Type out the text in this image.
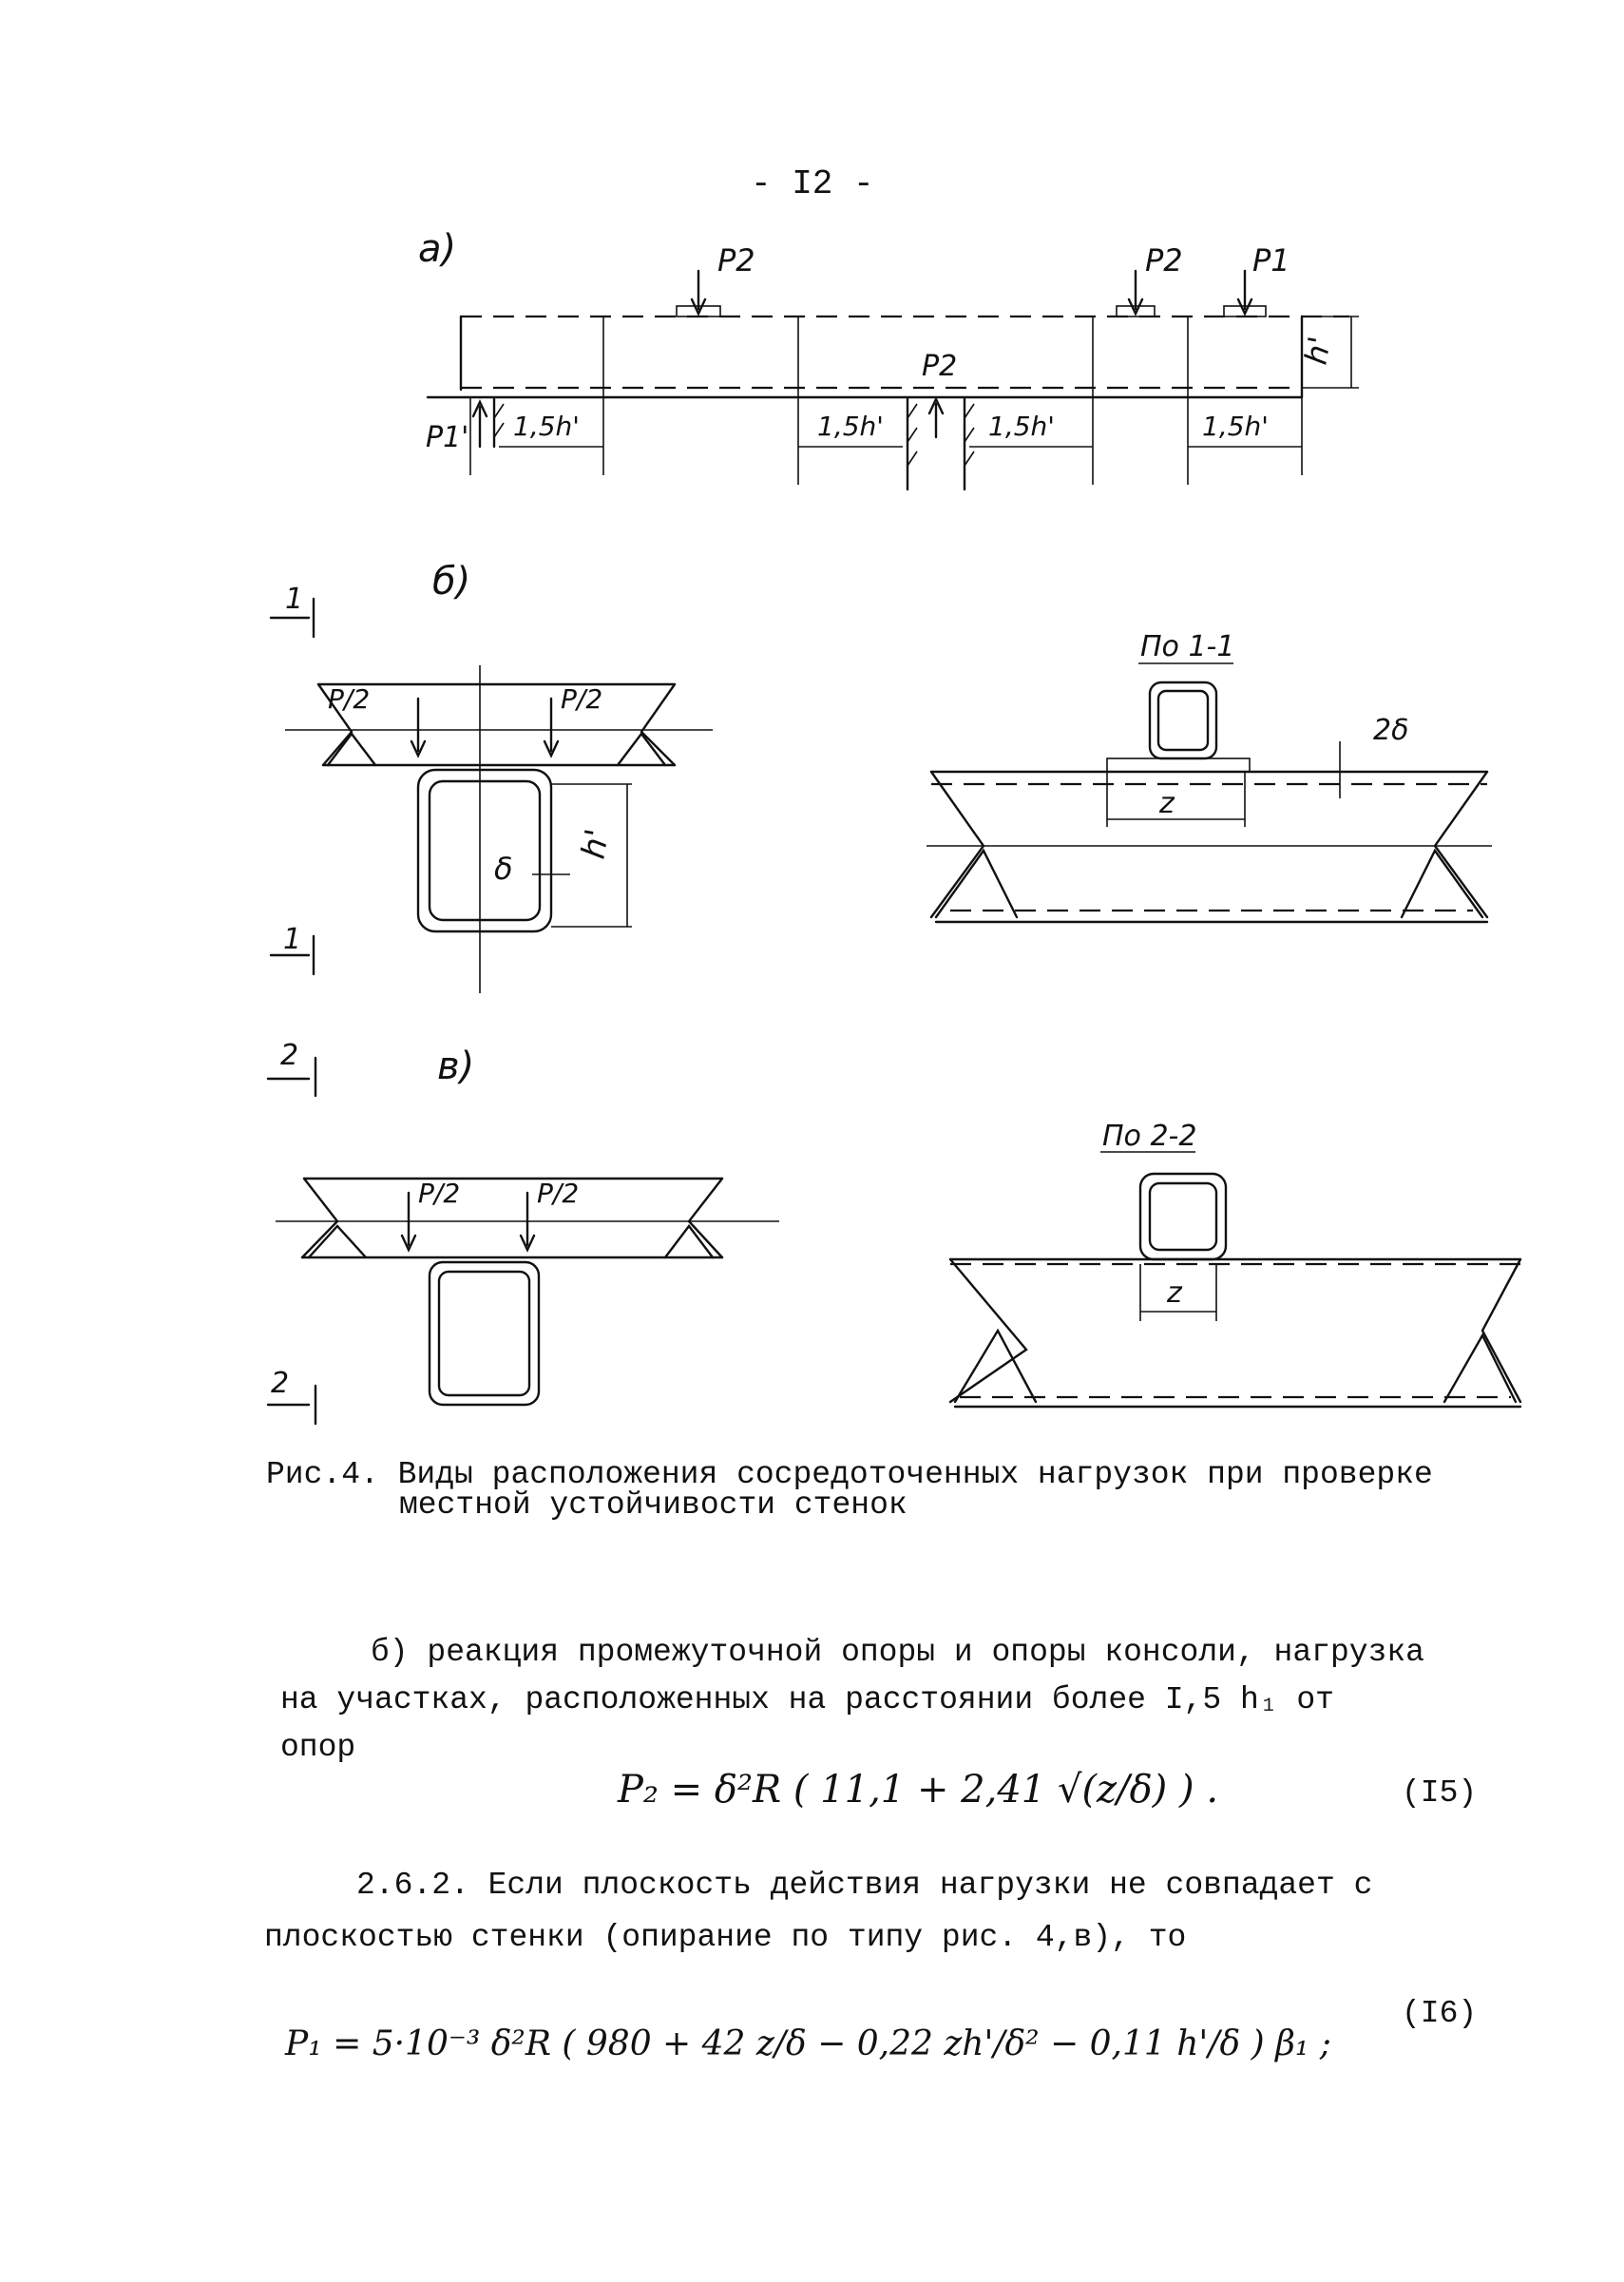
- I2 -
а)
h'
P2	P2 P1
P2
P1' 1,5h'	1,5h'	1,5h'	1,5h'
б)
1
1
P/2	P/2
h'
δ
По 1-1
z
2δ
в)
2
2
P/2	P/2
По 2-2
z
Рис.4. Виды расположения сосредоточенных нагрузок при проверке
местной устойчивости стенок
б) реакция промежуточной опоры и опоры консоли, нагрузка
на участках, расположенных на расстоянии более I,5 h₁ от
опор
P₂ = δ²R ( 11,1 + 2,41 √(z/δ) ) .	(I5)
2.6.2. Если плоскость действия нагрузки не совпадает с
плоскостью стенки (опирание по типу рис. 4,в), то
P₁ = 5·10⁻³ δ²R ( 980 + 42 z/δ − 0,22 zh'/δ² − 0,11 h'/δ ) β₁ ;
(I6)
